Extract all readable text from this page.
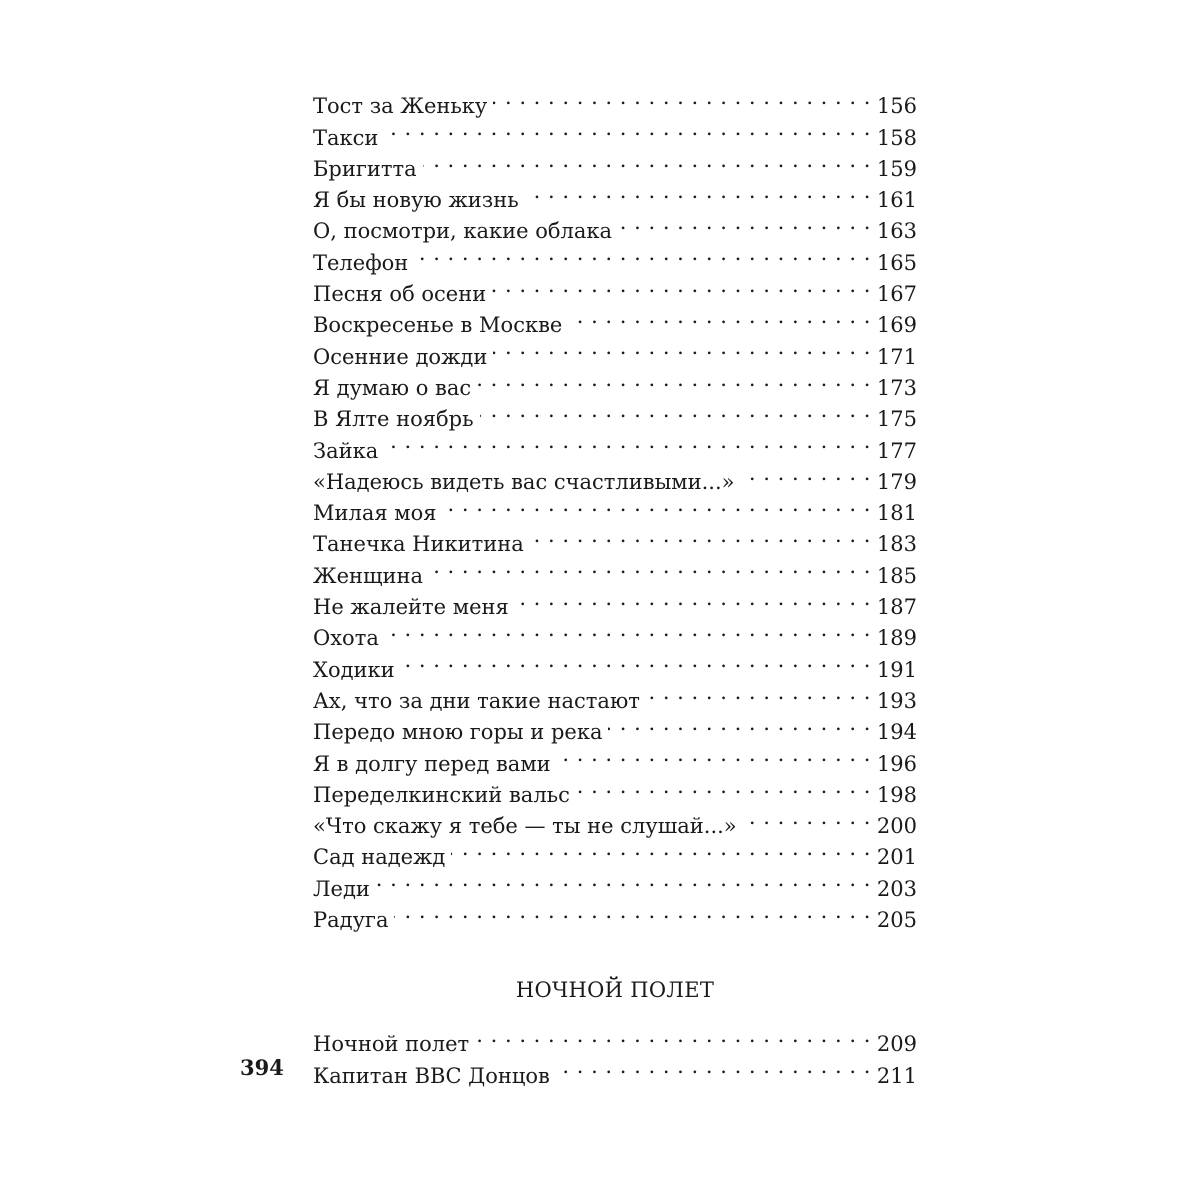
Тост за Женьку . . .	156
Такси . . .	158
Бригитта . . .	159
Я бы новую жизнь . . .	161
О, посмотри, какие облака . . .	163
Телефон . . .	165
Песня об осени . . .	167
Воскресенье в Москве . . .	169
Осенние дожди . . .	171
Я думаю о вас . . .	173
В Ялте ноябрь . . .	175
Зайка . . .	177
«Надеюсь видеть вас счастливыми...» . . .	179
Милая моя . . .	181
Танечка Никитина . . .	183
Женщина . . .	185
Не жалейте меня . . .	187
Охота . . .	189
Ходики . . .	191
Ах, что за дни такие настают . . .	193
Передо мною горы и река . . .	194
Я в долгу перед вами . . .	196
Переделкинский вальс . . .	198
«Что скажу я тебе — ты не слушай...» . . .	200
Сад надежд . . .	201
Леди . . .	203
Радуга . . .	205
НОЧНОЙ ПОЛЕТ
Ночной полет . . .	209
Капитан ВВС Донцов . . .	211
394
